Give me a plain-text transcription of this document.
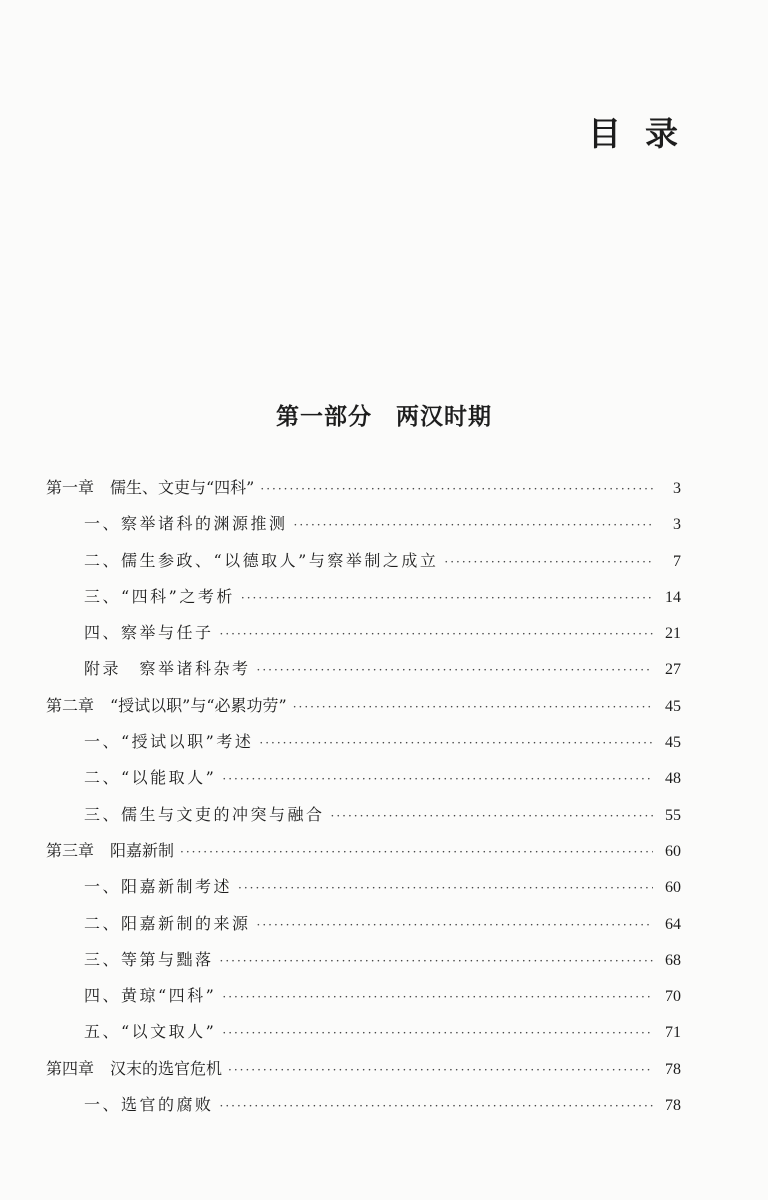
目录
第一部分　两汉时期
第一章　儒生、文吏与“四科” ·····	3
一、察举诸科的渊源推测 ·····	3
二、儒生参政、“以德取人”与察举制之成立 ·····	7
三、“四科”之考析 ·····	14
四、察举与任子 ·····	21
附录　察举诸科杂考 ·····	27
第二章　“授试以职”与“必累功劳” ·····	45
一、“授试以职”考述 ·····	45
二、“以能取人” ·····	48
三、儒生与文吏的冲突与融合 ·····	55
第三章　阳嘉新制 ·····	60
一、阳嘉新制考述 ·····	60
二、阳嘉新制的来源 ·····	64
三、等第与黜落 ·····	68
四、黄琼“四科” ·····	70
五、“以文取人” ·····	71
第四章　汉末的选官危机 ·····	78
一、选官的腐败 ·····	78
